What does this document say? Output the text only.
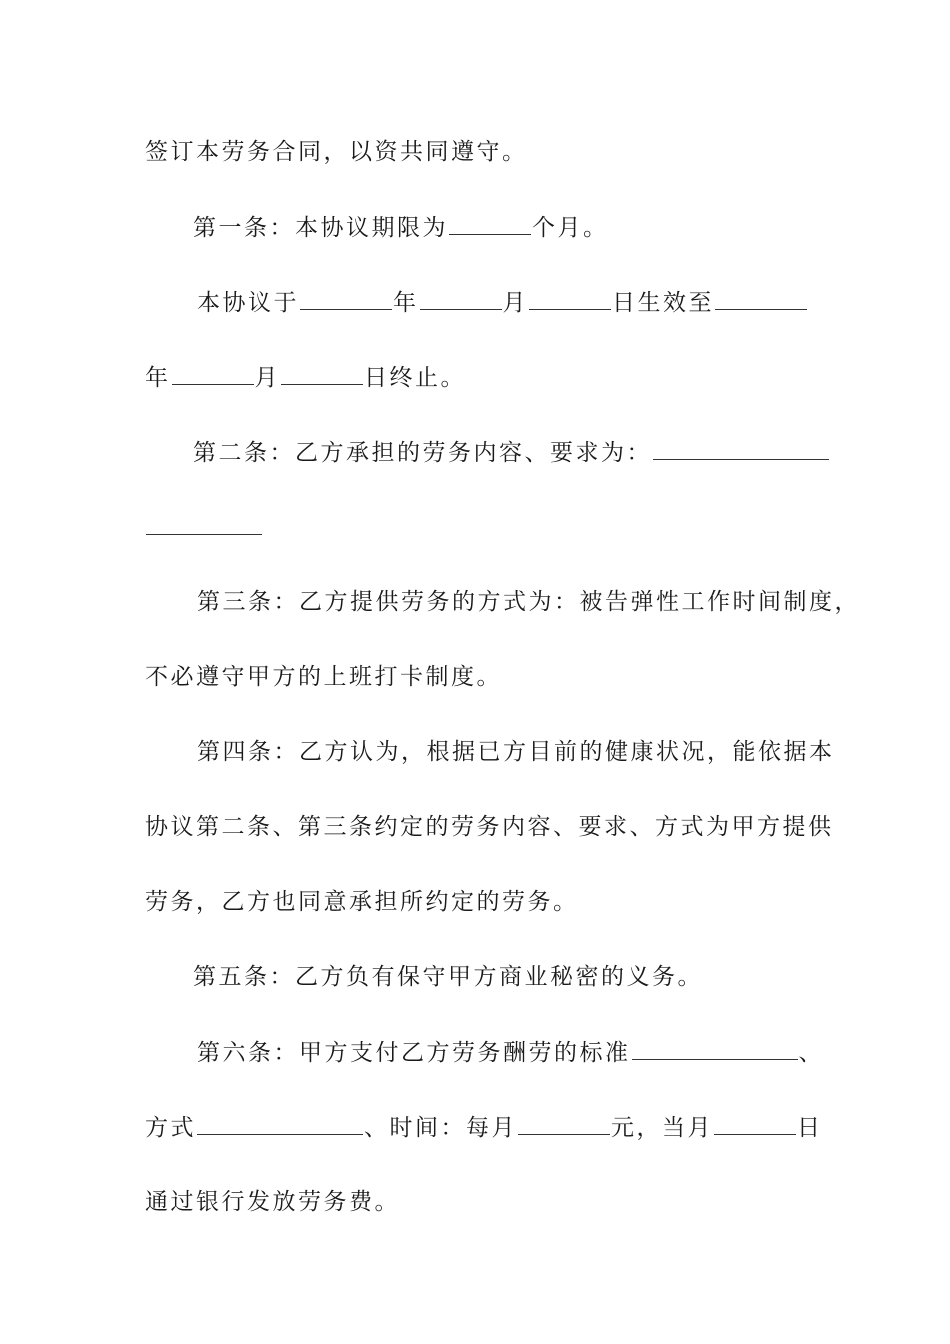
签订本劳务合同，以资共同遵守。
第一条：本协议期限为	个月。
本协议于	年	月	日生效至
年	月	日终止。
第二条：乙方承担的劳务内容、要求为：
第三条：乙方提供劳务的方式为：被告弹性工作时间制度，
不必遵守甲方的上班打卡制度。
第四条：乙方认为，根据已方目前的健康状况，能依据本
协议第二条、第三条约定的劳务内容、要求、方式为甲方提供
劳务，乙方也同意承担所约定的劳务。
第五条：乙方负有保守甲方商业秘密的义务。
第六条：甲方支付乙方劳务酬劳的标准	、
方式	、时间：每月	元，当月	日
通过银行发放劳务费。
